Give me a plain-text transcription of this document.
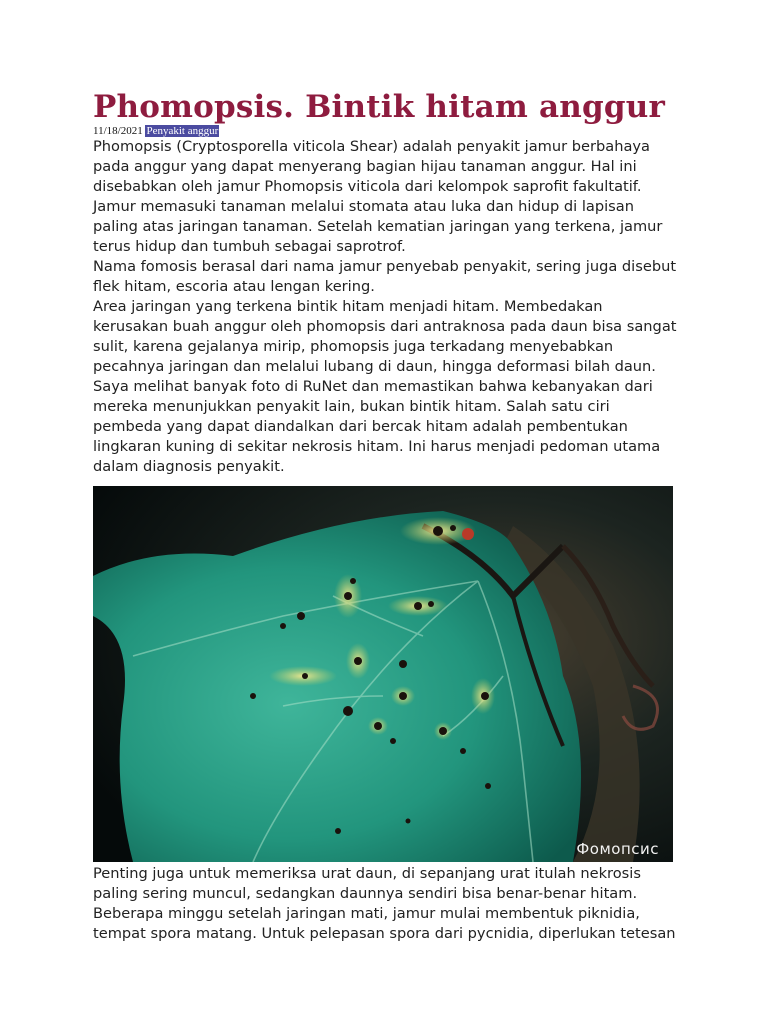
Phomopsis. Bintik hitam anggur
11/18/2021 Penyakit anggur

Phomopsis (Cryptosporella viticola Shear) adalah penyakit jamur berbahaya pada anggur yang dapat menyerang bagian hijau tanaman anggur. Hal ini disebabkan oleh jamur Phomopsis viticola dari kelompok saprofit fakultatif. Jamur memasuki tanaman melalui stomata atau luka dan hidup di lapisan paling atas jaringan tanaman. Setelah kematian jaringan yang terkena, jamur terus hidup dan tumbuh sebagai saprotrof.

Nama fomosis berasal dari nama jamur penyebab penyakit, sering juga disebut flek hitam, escoria atau lengan kering.

Area jaringan yang terkena bintik hitam menjadi hitam. Membedakan kerusakan buah anggur oleh phomopsis dari antraknosa pada daun bisa sangat sulit, karena gejalanya mirip, phomopsis juga terkadang menyebabkan pecahnya jaringan dan melalui lubang di daun, hingga deformasi bilah daun. Saya melihat banyak foto di RuNet dan memastikan bahwa kebanyakan dari mereka menunjukkan penyakit lain, bukan bintik hitam. Salah satu ciri pembeda yang dapat diandalkan dari bercak hitam adalah pembentukan lingkaran kuning di sekitar nekrosis hitam. Ini harus menjadi pedoman utama dalam diagnosis penyakit.

Фомопсис

Penting juga untuk memeriksa urat daun, di sepanjang urat itulah nekrosis paling sering muncul, sedangkan daunnya sendiri bisa benar-benar hitam. Beberapa minggu setelah jaringan mati, jamur mulai membentuk piknidia, tempat spora matang. Untuk pelepasan spora dari pycnidia, diperlukan tetesan
